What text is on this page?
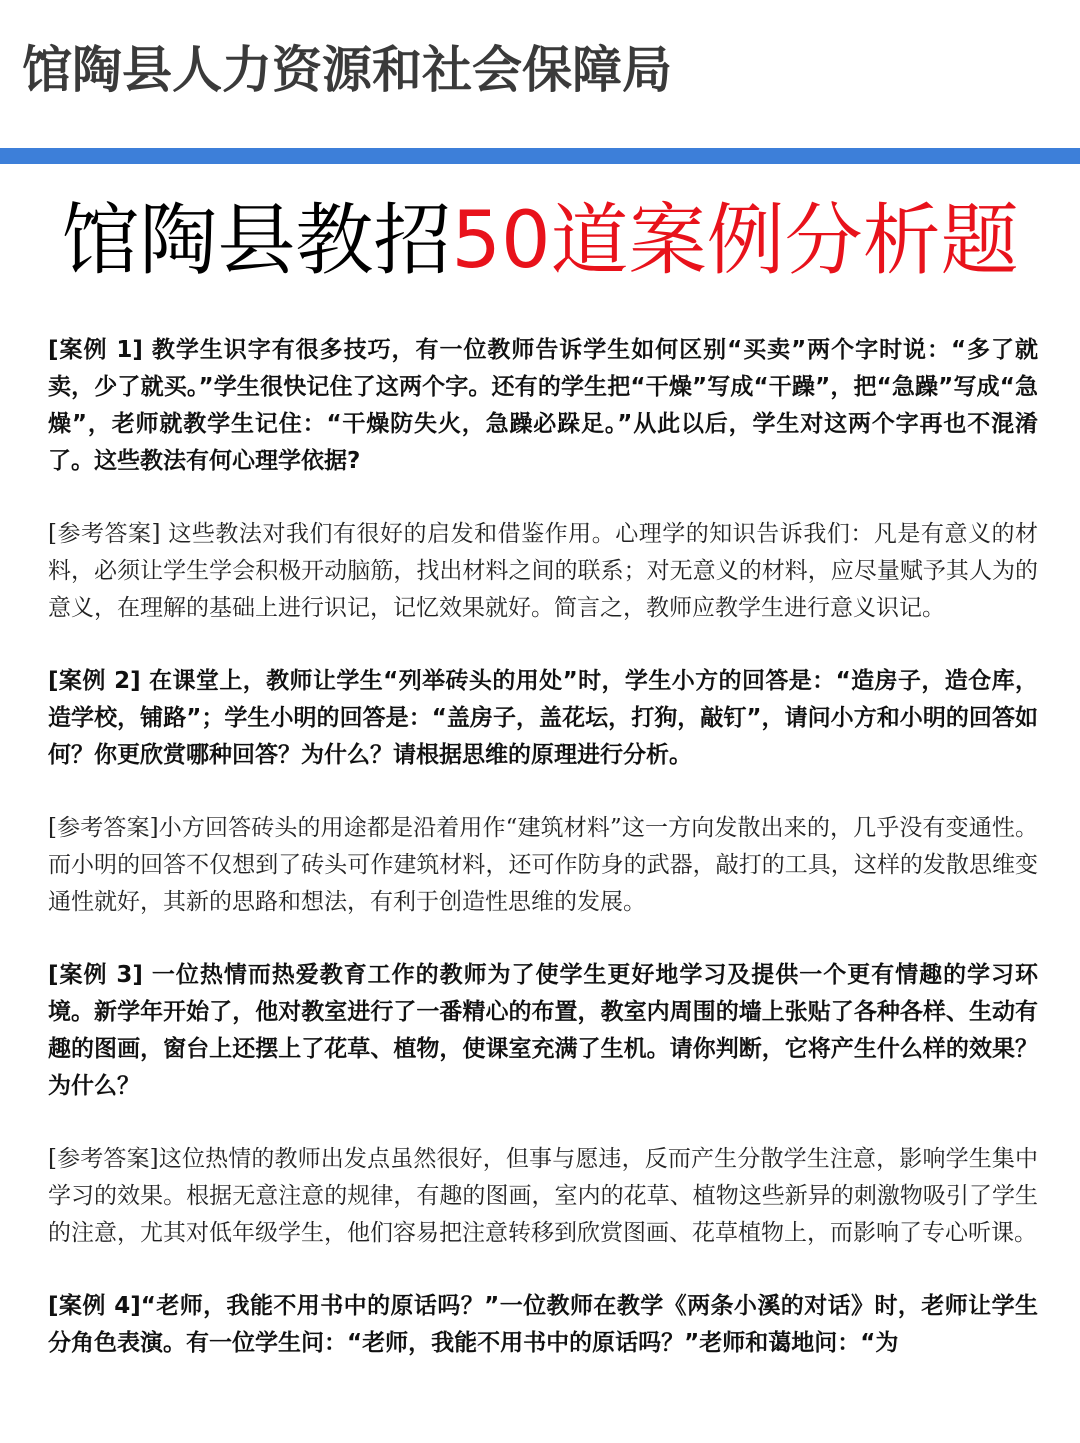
馆陶县人力资源和社会保障局
馆陶县教招50道案例分析题

[案例 1] 教学生识字有很多技巧，有一位教师告诉学生如何区别“买卖”两个字时说：“多了就卖，少了就买。”学生很快记住了这两个字。还有的学生把“干燥”写成“干躁”，把“急躁”写成“急燥”，老师就教学生记住：“干燥防失火，急躁必跺足。”从此以后，学生对这两个字再也不混淆了。这些教法有何心理学依据?

[参考答案] 这些教法对我们有很好的启发和借鉴作用。心理学的知识告诉我们：凡是有意义的材料，必须让学生学会积极开动脑筋，找出材料之间的联系；对无意义的材料，应尽量赋予其人为的意义，在理解的基础上进行识记，记忆效果就好。简言之，教师应教学生进行意义识记。

[案例 2] 在课堂上，教师让学生“列举砖头的用处”时，学生小方的回答是：“造房子，造仓库，造学校，铺路”；学生小明的回答是：“盖房子，盖花坛，打狗，敲钉”，请问小方和小明的回答如何？你更欣赏哪种回答？为什么？请根据思维的原理进行分析。

[参考答案]小方回答砖头的用途都是沿着用作“建筑材料”这一方向发散出来的，几乎没有变通性。而小明的回答不仅想到了砖头可作建筑材料，还可作防身的武器，敲打的工具，这样的发散思维变通性就好，其新的思路和想法，有利于创造性思维的发展。

[案例 3] 一位热情而热爱教育工作的教师为了使学生更好地学习及提供一个更有情趣的学习环境。新学年开始了，他对教室进行了一番精心的布置，教室内周围的墙上张贴了各种各样、生动有趣的图画，窗台上还摆上了花草、植物，使课室充满了生机。请你判断，它将产生什么样的效果？为什么？

[参考答案]这位热情的教师出发点虽然很好，但事与愿违，反而产生分散学生注意，影响学生集中学习的效果。根据无意注意的规律，有趣的图画，室内的花草、植物这些新异的刺激物吸引了学生的注意，尤其对低年级学生，他们容易把注意转移到欣赏图画、花草植物上，而影响了专心听课。

[案例 4]“老师，我能不用书中的原话吗？”一位教师在教学《两条小溪的对话》时，老师让学生分角色表演。有一位学生问：“老师，我能不用书中的原话吗？”老师和蔼地问：“为
